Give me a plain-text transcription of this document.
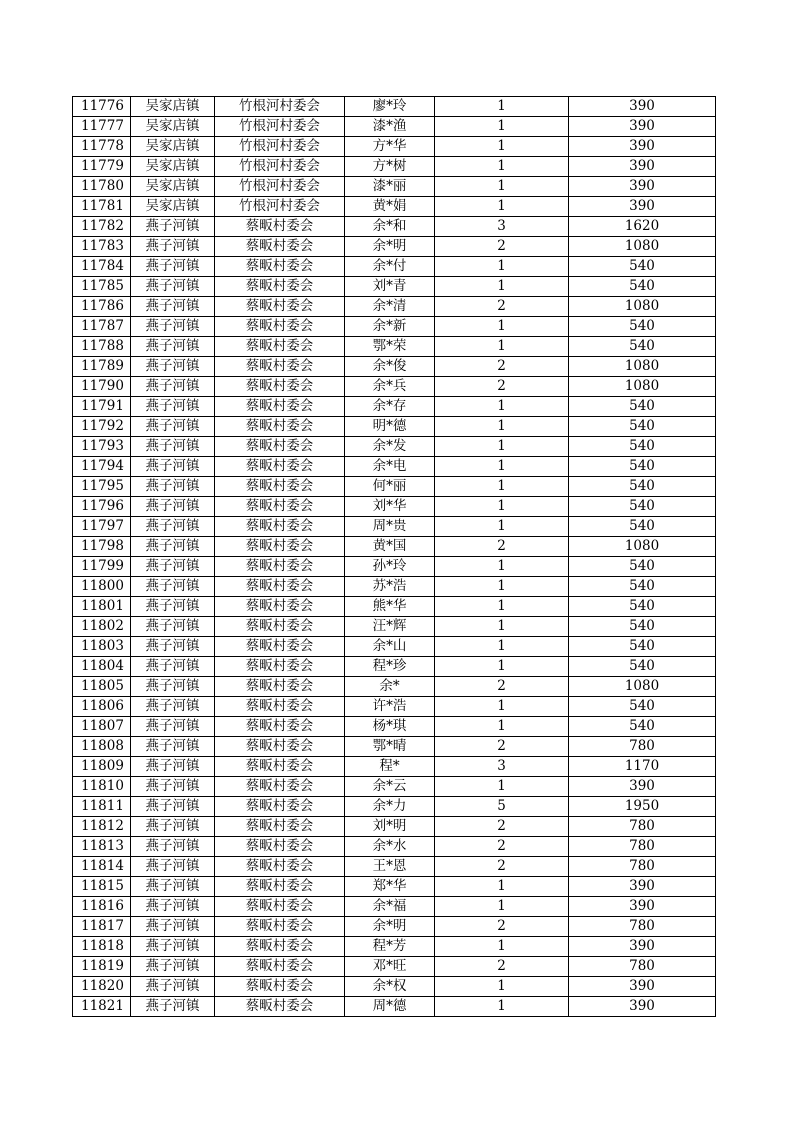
11776	吴家店镇	竹根河村委会	廖*玲	1	390
11777	吴家店镇	竹根河村委会	漆*渔	1	390
11778	吴家店镇	竹根河村委会	方*华	1	390
11779	吴家店镇	竹根河村委会	方*树	1	390
11780	吴家店镇	竹根河村委会	漆*丽	1	390
11781	吴家店镇	竹根河村委会	黄*娟	1	390
11782	燕子河镇	蔡畈村委会	余*和	3	1620
11783	燕子河镇	蔡畈村委会	余*明	2	1080
11784	燕子河镇	蔡畈村委会	余*付	1	540
11785	燕子河镇	蔡畈村委会	刘*青	1	540
11786	燕子河镇	蔡畈村委会	余*清	2	1080
11787	燕子河镇	蔡畈村委会	余*新	1	540
11788	燕子河镇	蔡畈村委会	鄂*荣	1	540
11789	燕子河镇	蔡畈村委会	余*俊	2	1080
11790	燕子河镇	蔡畈村委会	余*兵	2	1080
11791	燕子河镇	蔡畈村委会	余*存	1	540
11792	燕子河镇	蔡畈村委会	明*德	1	540
11793	燕子河镇	蔡畈村委会	余*发	1	540
11794	燕子河镇	蔡畈村委会	余*电	1	540
11795	燕子河镇	蔡畈村委会	何*丽	1	540
11796	燕子河镇	蔡畈村委会	刘*华	1	540
11797	燕子河镇	蔡畈村委会	周*贵	1	540
11798	燕子河镇	蔡畈村委会	黄*国	2	1080
11799	燕子河镇	蔡畈村委会	孙*玲	1	540
11800	燕子河镇	蔡畈村委会	苏*浩	1	540
11801	燕子河镇	蔡畈村委会	熊*华	1	540
11802	燕子河镇	蔡畈村委会	汪*辉	1	540
11803	燕子河镇	蔡畈村委会	余*山	1	540
11804	燕子河镇	蔡畈村委会	程*珍	1	540
11805	燕子河镇	蔡畈村委会	余*	2	1080
11806	燕子河镇	蔡畈村委会	许*浩	1	540
11807	燕子河镇	蔡畈村委会	杨*琪	1	540
11808	燕子河镇	蔡畈村委会	鄂*晴	2	780
11809	燕子河镇	蔡畈村委会	程*	3	1170
11810	燕子河镇	蔡畈村委会	余*云	1	390
11811	燕子河镇	蔡畈村委会	余*力	5	1950
11812	燕子河镇	蔡畈村委会	刘*明	2	780
11813	燕子河镇	蔡畈村委会	余*水	2	780
11814	燕子河镇	蔡畈村委会	王*恩	2	780
11815	燕子河镇	蔡畈村委会	郑*华	1	390
11816	燕子河镇	蔡畈村委会	余*福	1	390
11817	燕子河镇	蔡畈村委会	余*明	2	780
11818	燕子河镇	蔡畈村委会	程*芳	1	390
11819	燕子河镇	蔡畈村委会	邓*旺	2	780
11820	燕子河镇	蔡畈村委会	余*权	1	390
11821	燕子河镇	蔡畈村委会	周*德	1	390
